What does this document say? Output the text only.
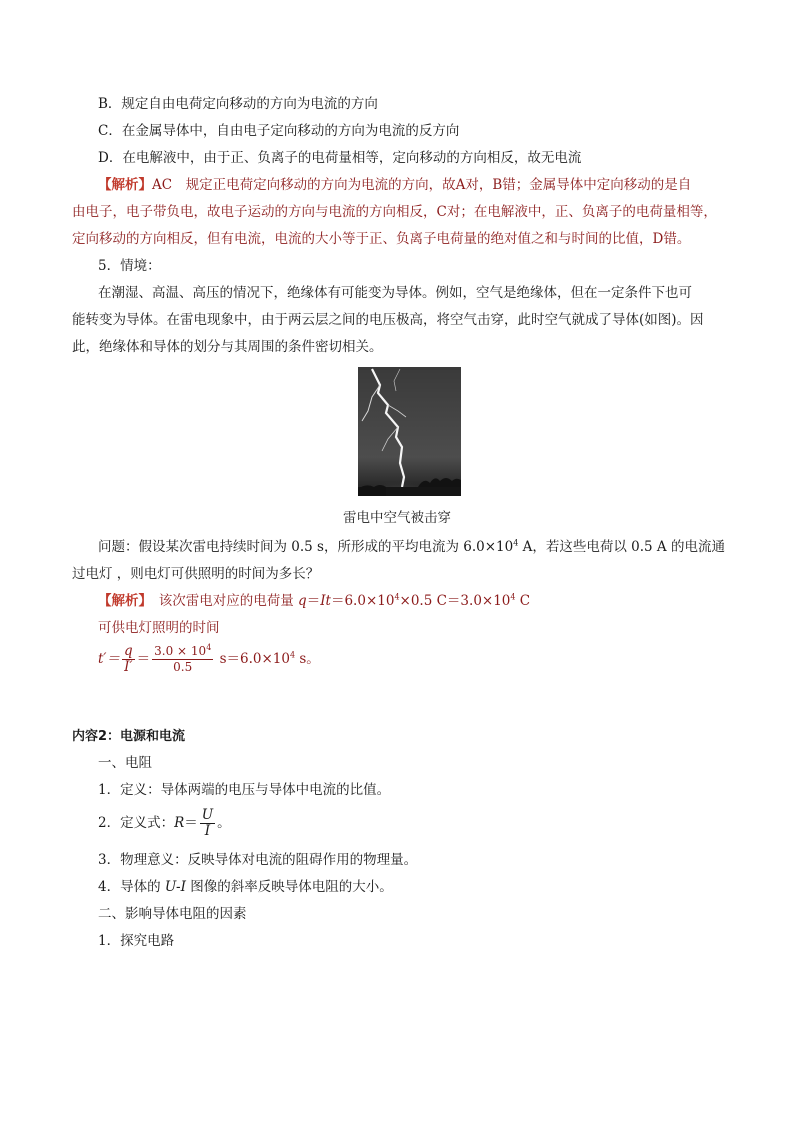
B．规定自由电荷定向移动的方向为电流的方向
C．在金属导体中，自由电子定向移动的方向为电流的反方向
D．在电解液中，由于正、负离子的电荷量相等，定向移动的方向相反，故无电流
【解析】AC　规定正电荷定向移动的方向为电流的方向，故A对，B错；金属导体中定向移动的是自
由电子，电子带负电，故电子运动的方向与电流的方向相反，C对；在电解液中，正、负离子的电荷量相等，
定向移动的方向相反，但有电流，电流的大小等于正、负离子电荷量的绝对值之和与时间的比值，D错。
5．情境：
在潮湿、高温、高压的情况下，绝缘体有可能变为导体。例如，空气是绝缘体，但在一定条件下也可
能转变为导体。在雷电现象中，由于两云层之间的电压极高，将空气击穿，此时空气就成了导体(如图)。因
此，绝缘体和导体的划分与其周围的条件密切相关。
雷电中空气被击穿
问题：假设某次雷电持续时间为 0.5 s，所形成的平均电流为 $6.0\times 10^4$ A，若这些电荷以 0.5 A 的电流通
过电灯 ，则电灯可供照明的时间为多长？
【解析】　该次雷电对应的电荷量 $q=It=6.0\times 10^4\times 0.5$ $C=3.0\times 10^4$ C
可供电灯照明的时间
$t'= \frac{q}{I'} = \frac{3.0 \times 10^4}{0.5} s=6.0\times 10^4$ s。
内容2：电源和电流
一、电阻
1．定义：导体两端的电压与导体中电流的比值。
2．定义式：$R= \frac{U}{I}$ 。
3．物理意义：反映导体对电流的阻碍作用的物理量。
4．导体的 U-I 图像的斜率反映导体电阻的大小。
二、影响导体电阻的因素
1．探究电路
